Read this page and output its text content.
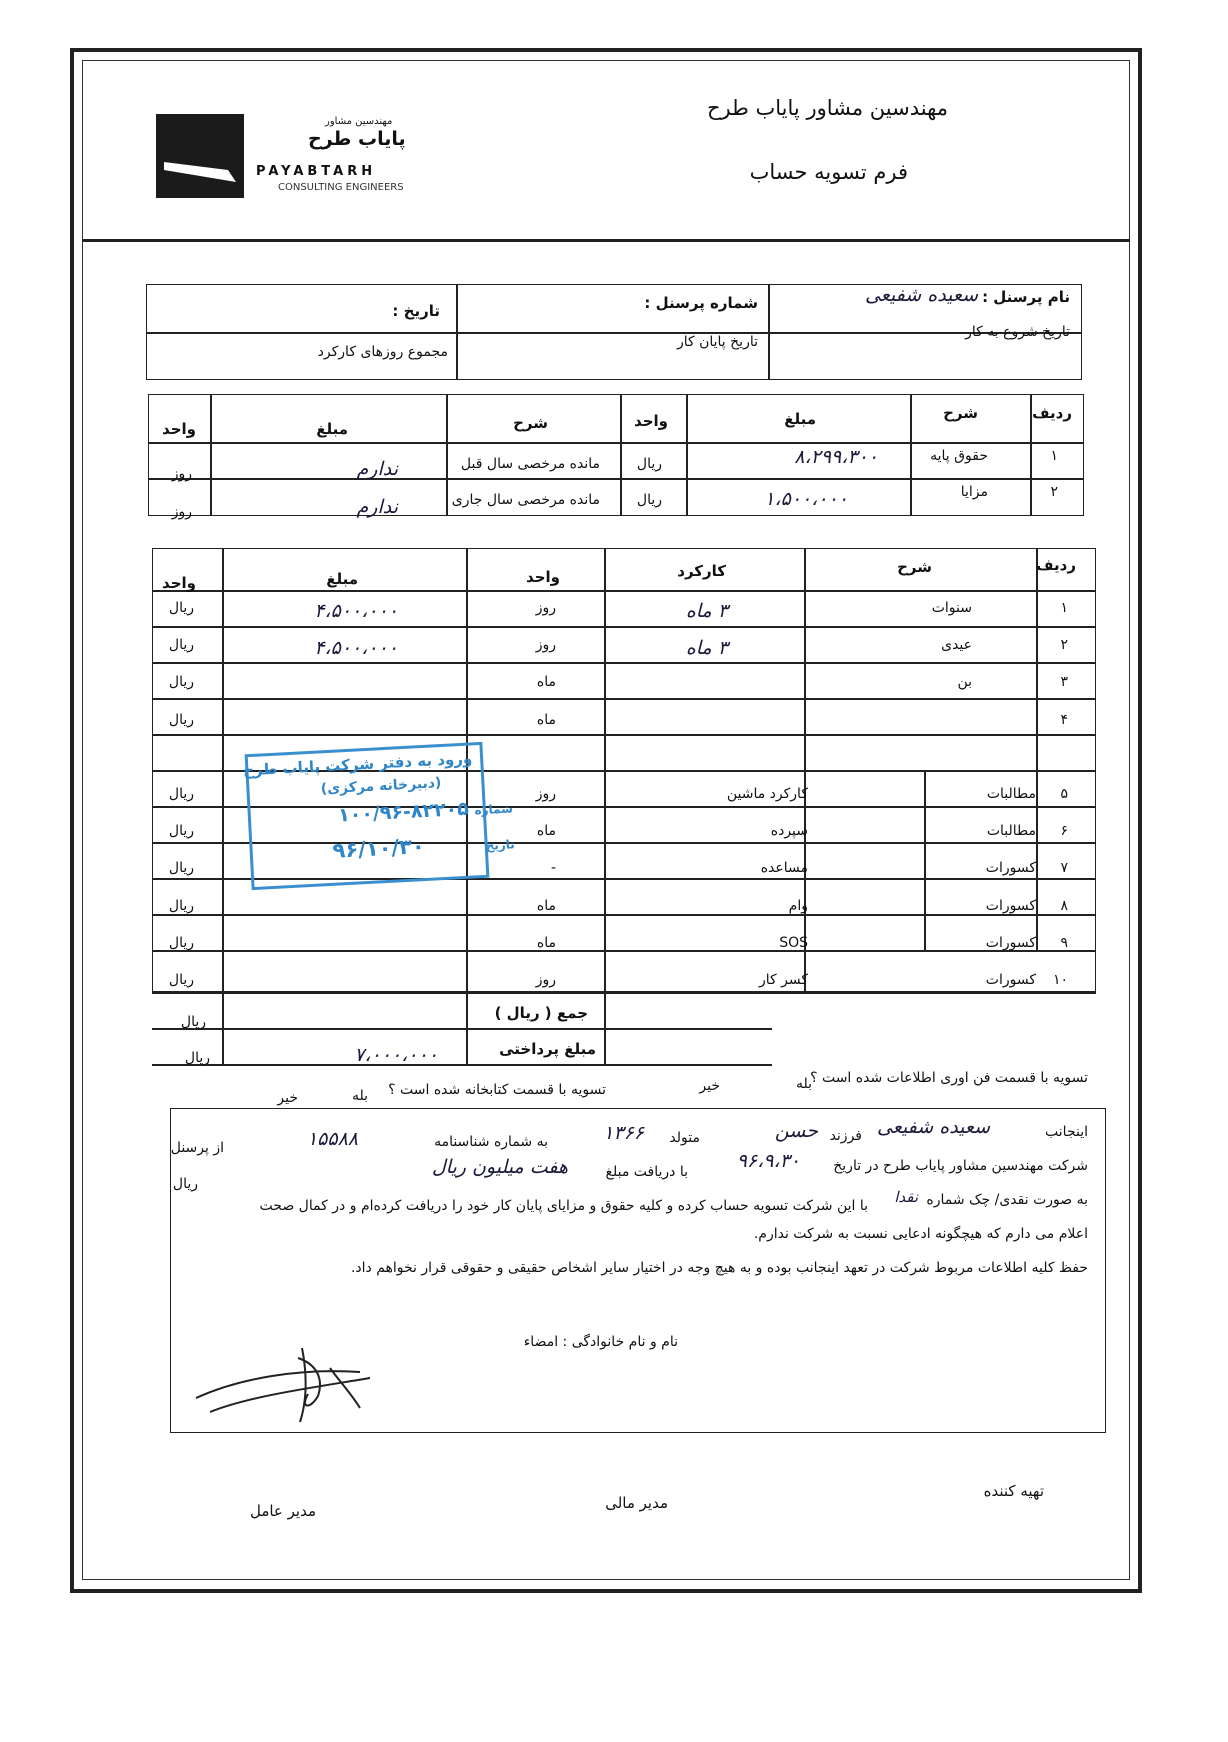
مهندسین مشاور
پایاب طرح
PAYABTARH
CONSULTING ENGINEERS
مهندسین مشاور پایاب طرح
فرم تسویه حساب
نام پرسنل :
سعیده شفیعی
شماره پرسنل :
تاریخ :
تاریخ شروع به کار
تاریخ پایان کار
مجموع روزهای کارکرد
ردیف
شرح
مبلغ
واحد
شرح
مبلغ
واحد
۱
حقوق پایه
۸،۲۹۹،۳۰۰
ریال
مانده مرخصی سال قبل
ندارم
روز
۲
مزایا
۱،۵۰۰،۰۰۰
ریال
مانده مرخصی سال جاری
ندارم
روز
۱
سنوات
۳ ماه
روز
۴،۵۰۰،۰۰۰
ریال
۲
عیدی
۳ ماه
روز
۴،۵۰۰،۰۰۰
ریال
۳
بن
ماه
ریال
۴
ماه
ریال
۵
مطالبات
کارکرد ماشین
روز
ریال
۶
مطالبات
سپرده
ماه
ریال
۷
کسورات
مساعده
-
ریال
۸
کسورات
وام
ماه
ریال
۹
کسورات
SOS
ماه
ریال
۱۰
کسورات
کسر کار
روز
ریال
ردیف
شرح
کارکرد
واحد
مبلغ
واحد
جمع ( ریال )
ریال
مبلغ پرداختی
۷،۰۰۰،۰۰۰
ریال
تسویه با قسمت فن اوری اطلاعات شده است ؟
بله
خیر
تسویه با قسمت کتابخانه شده است ؟
بله
خیر
اینجانب
سعیده شفیعی
فرزند
حسن
متولد
۱۳۶۶
به شماره شناسنامه
۱۵۵۸۸
از پرسنل
شرکت مهندسین مشاور پایاب طرح در تاریخ
۹۶،۹،۳۰
با دریافت مبلغ
هفت میلیون ریال
ریال
به صورت نقدی/ چک شماره
نقدا
با این شرکت تسویه حساب کرده و کلیه حقوق و مزایای پایان کار خود را دریافت کرده‌ام و در کمال صحت
اعلام می دارم که هیچگونه ادعایی نسبت به شرکت ندارم.
حفظ کلیه اطلاعات مربوط شرکت در تعهد اینجانب بوده و به هیچ وجه در اختیار سایر اشخاص حقیقی و حقوقی قرار نخواهم داد.
نام و نام خانوادگی : امضاء
تهیه کننده
مدیر مالی
مدیر عامل
ورود به دفتر شرکت پایاب طرح
(دبیرخانه مرکزی)
شماره
۱۰۰/۹۶-۸۲۲۰۵
تاریخ
۹۶/۱۰/۳۰
